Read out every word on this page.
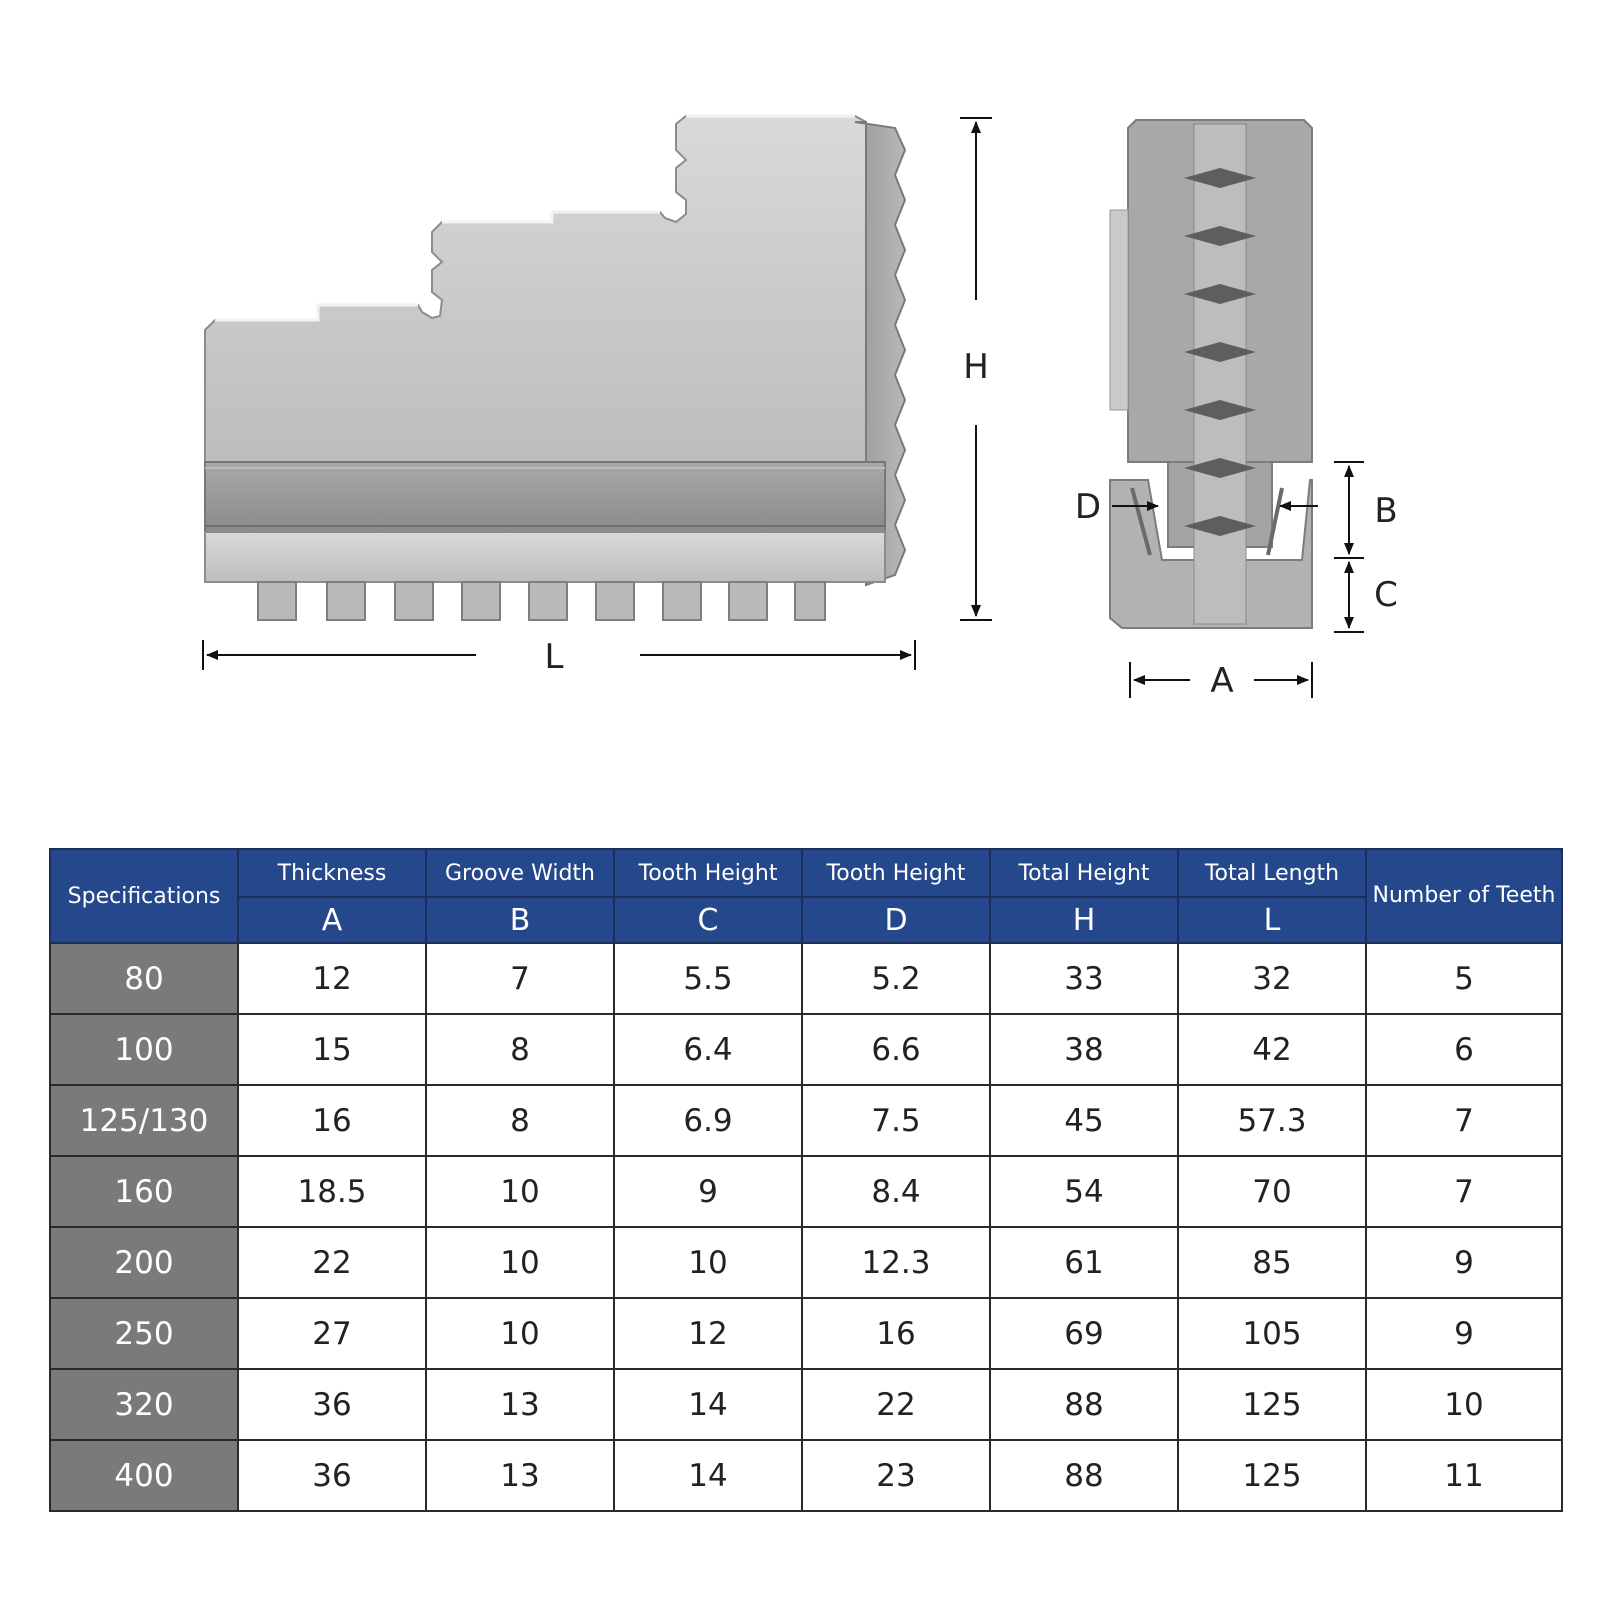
H
L
D	B
C
A
Specifications	Thickness	Groove Width	Tooth Height	Tooth Height	Total Height	Total Length	Number of Teeth
	A	B	C	D	H	L	
80	12	7	5.5	5.2	33	32	5
100	15	8	6.4	6.6	38	42	6
125/130	16	8	6.9	7.5	45	57.3	7
160	18.5	10	9	8.4	54	70	7
200	22	10	10	12.3	61	85	9
250	27	10	12	16	69	105	9
320	36	13	14	22	88	125	10
400	36	13	14	23	88	125	11
